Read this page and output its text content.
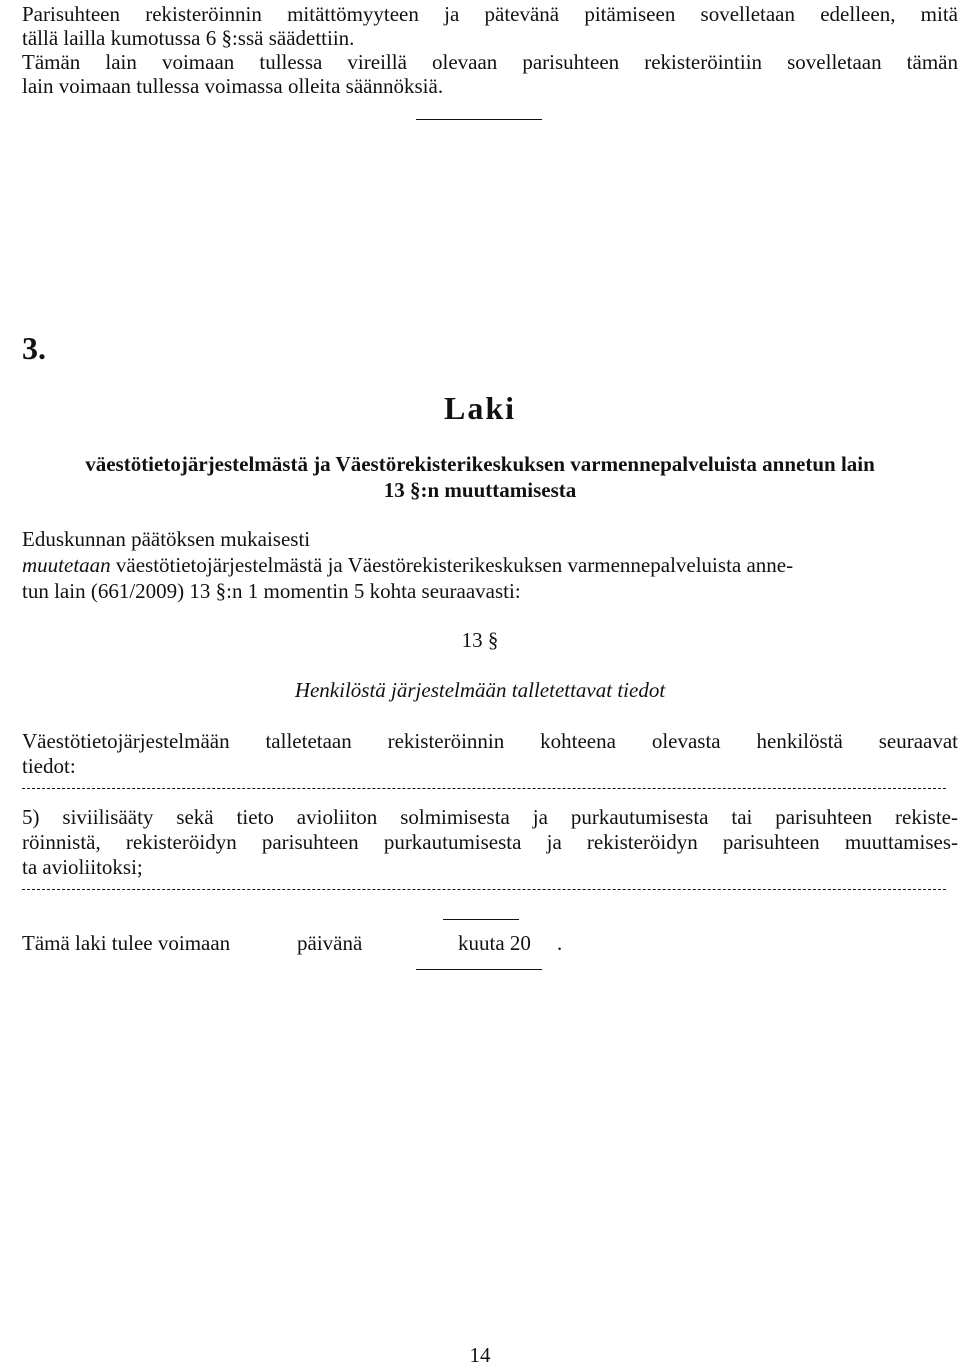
Parisuhteen rekisteröinnin mitättömyyteen ja pätevänä pitämiseen sovelletaan edelleen, mitä
tällä lailla kumotussa 6 §:ssä säädettiin.
Tämän lain voimaan tullessa vireillä olevaan parisuhteen rekisteröintiin sovelletaan tämän
lain voimaan tullessa voimassa olleita säännöksiä.
3.
Laki
väestötietojärjestelmästä ja Väestörekisterikeskuksen varmennepalveluista annetun lain
13 §:n muuttamisesta
Eduskunnan päätöksen mukaisesti
muutetaan väestötietojärjestelmästä ja Väestörekisterikeskuksen varmennepalveluista anne-
tun lain (661/2009) 13 §:n 1 momentin 5 kohta seuraavasti:
13 §
Henkilöstä järjestelmään talletettavat tiedot
Väestötietojärjestelmään talletetaan rekisteröinnin kohteena olevasta henkilöstä seuraavat
tiedot:
5) siviilisääty sekä tieto avioliiton solmimisesta ja purkautumisesta tai parisuhteen rekiste-
röinnistä, rekisteröidyn parisuhteen purkautumisesta ja rekisteröidyn parisuhteen muuttamises-
ta avioliitoksi;
Tämä laki tulee voimaan	päivänä	kuuta 20 .
14
